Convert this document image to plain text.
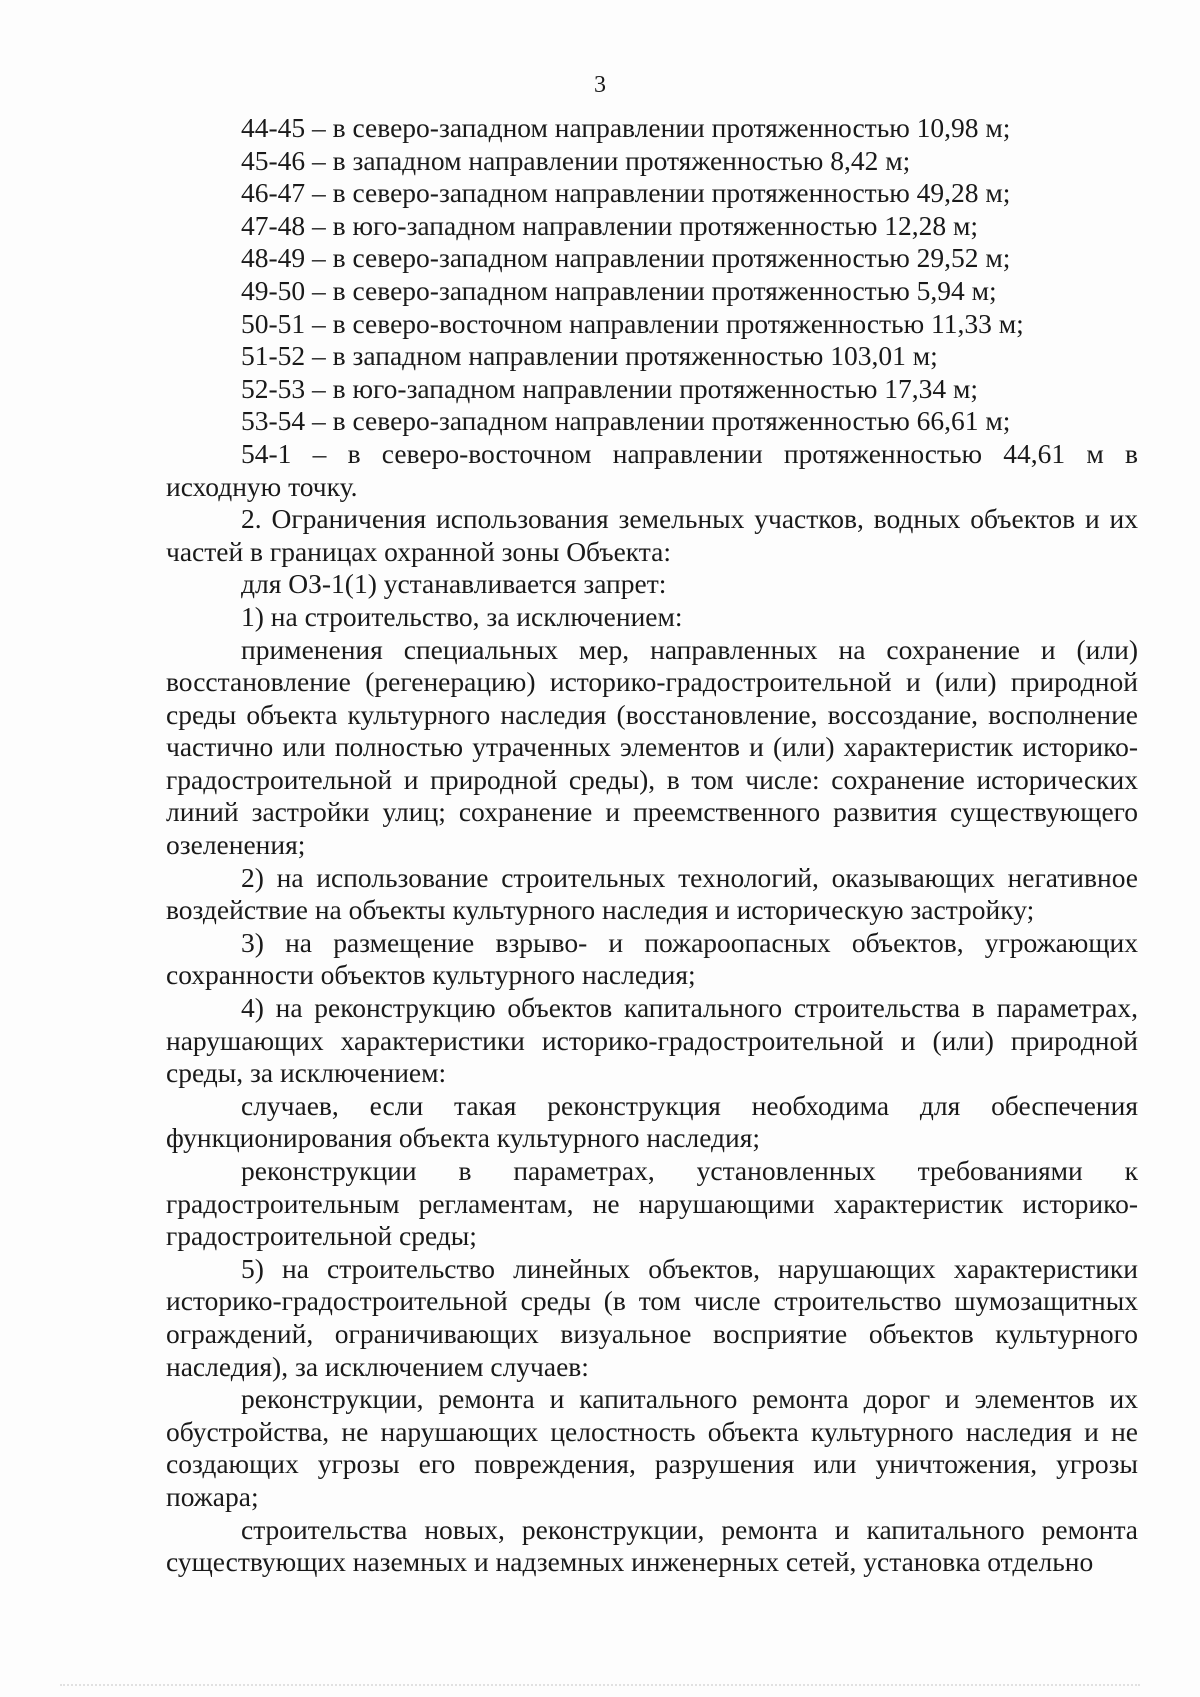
3

44-45 – в северо-западном направлении протяженностью 10,98 м;

45-46 – в западном направлении протяженностью 8,42 м;

46-47 – в северо-западном направлении протяженностью 49,28 м;

47-48 – в юго-западном направлении протяженностью 12,28 м;

48-49 – в северо-западном направлении протяженностью 29,52 м;

49-50 – в северо-западном направлении протяженностью 5,94 м;

50-51 – в северо-восточном направлении протяженностью 11,33 м;

51-52 – в западном направлении протяженностью 103,01 м;

52-53 – в юго-западном направлении протяженностью 17,34 м;

53-54 – в северо-западном направлении протяженностью 66,61 м;

54-1 – в северо-восточном направлении протяженностью 44,61 м в исходную точку.

2. Ограничения использования земельных участков, водных объектов и их частей в границах охранной зоны Объекта:

для ОЗ-1(1) устанавливается запрет:

1) на строительство, за исключением:

применения специальных мер, направленных на сохранение и (или) восстановление (регенерацию) историко-градостроительной и (или) природной среды объекта культурного наследия (восстановление, воссоздание, восполнение частично или полностью утраченных элементов и (или) характеристик историко- градостроительной и природной среды), в том числе: сохранение исторических линий застройки улиц; сохранение и преемственного развития существующего озеленения;

2) на использование строительных технологий, оказывающих негативное воздействие на объекты культурного наследия и историческую застройку;

3) на размещение взрыво- и пожароопасных объектов, угрожающих сохранности объектов культурного наследия;

4) на реконструкцию объектов капитального строительства в параметрах, нарушающих характеристики историко-градостроительной и (или) природной среды, за исключением:

случаев, если такая реконструкция необходима для обеспечения функционирования объекта культурного наследия;

реконструкции в параметрах, установленных требованиями к градостроительным регламентам, не нарушающими характеристик историко-градостроительной среды;

5) на строительство линейных объектов, нарушающих характеристики историко-градостроительной среды (в том числе строительство шумозащитных ограждений, ограничивающих визуальное восприятие объектов культурного наследия), за исключением случаев:

реконструкции, ремонта и капитального ремонта дорог и элементов их обустройства, не нарушающих целостность объекта культурного наследия и не создающих угрозы его повреждения, разрушения или уничтожения, угрозы пожара;

строительства новых, реконструкции, ремонта и капитального ремонта существующих наземных и надземных инженерных сетей, установка отдельно
